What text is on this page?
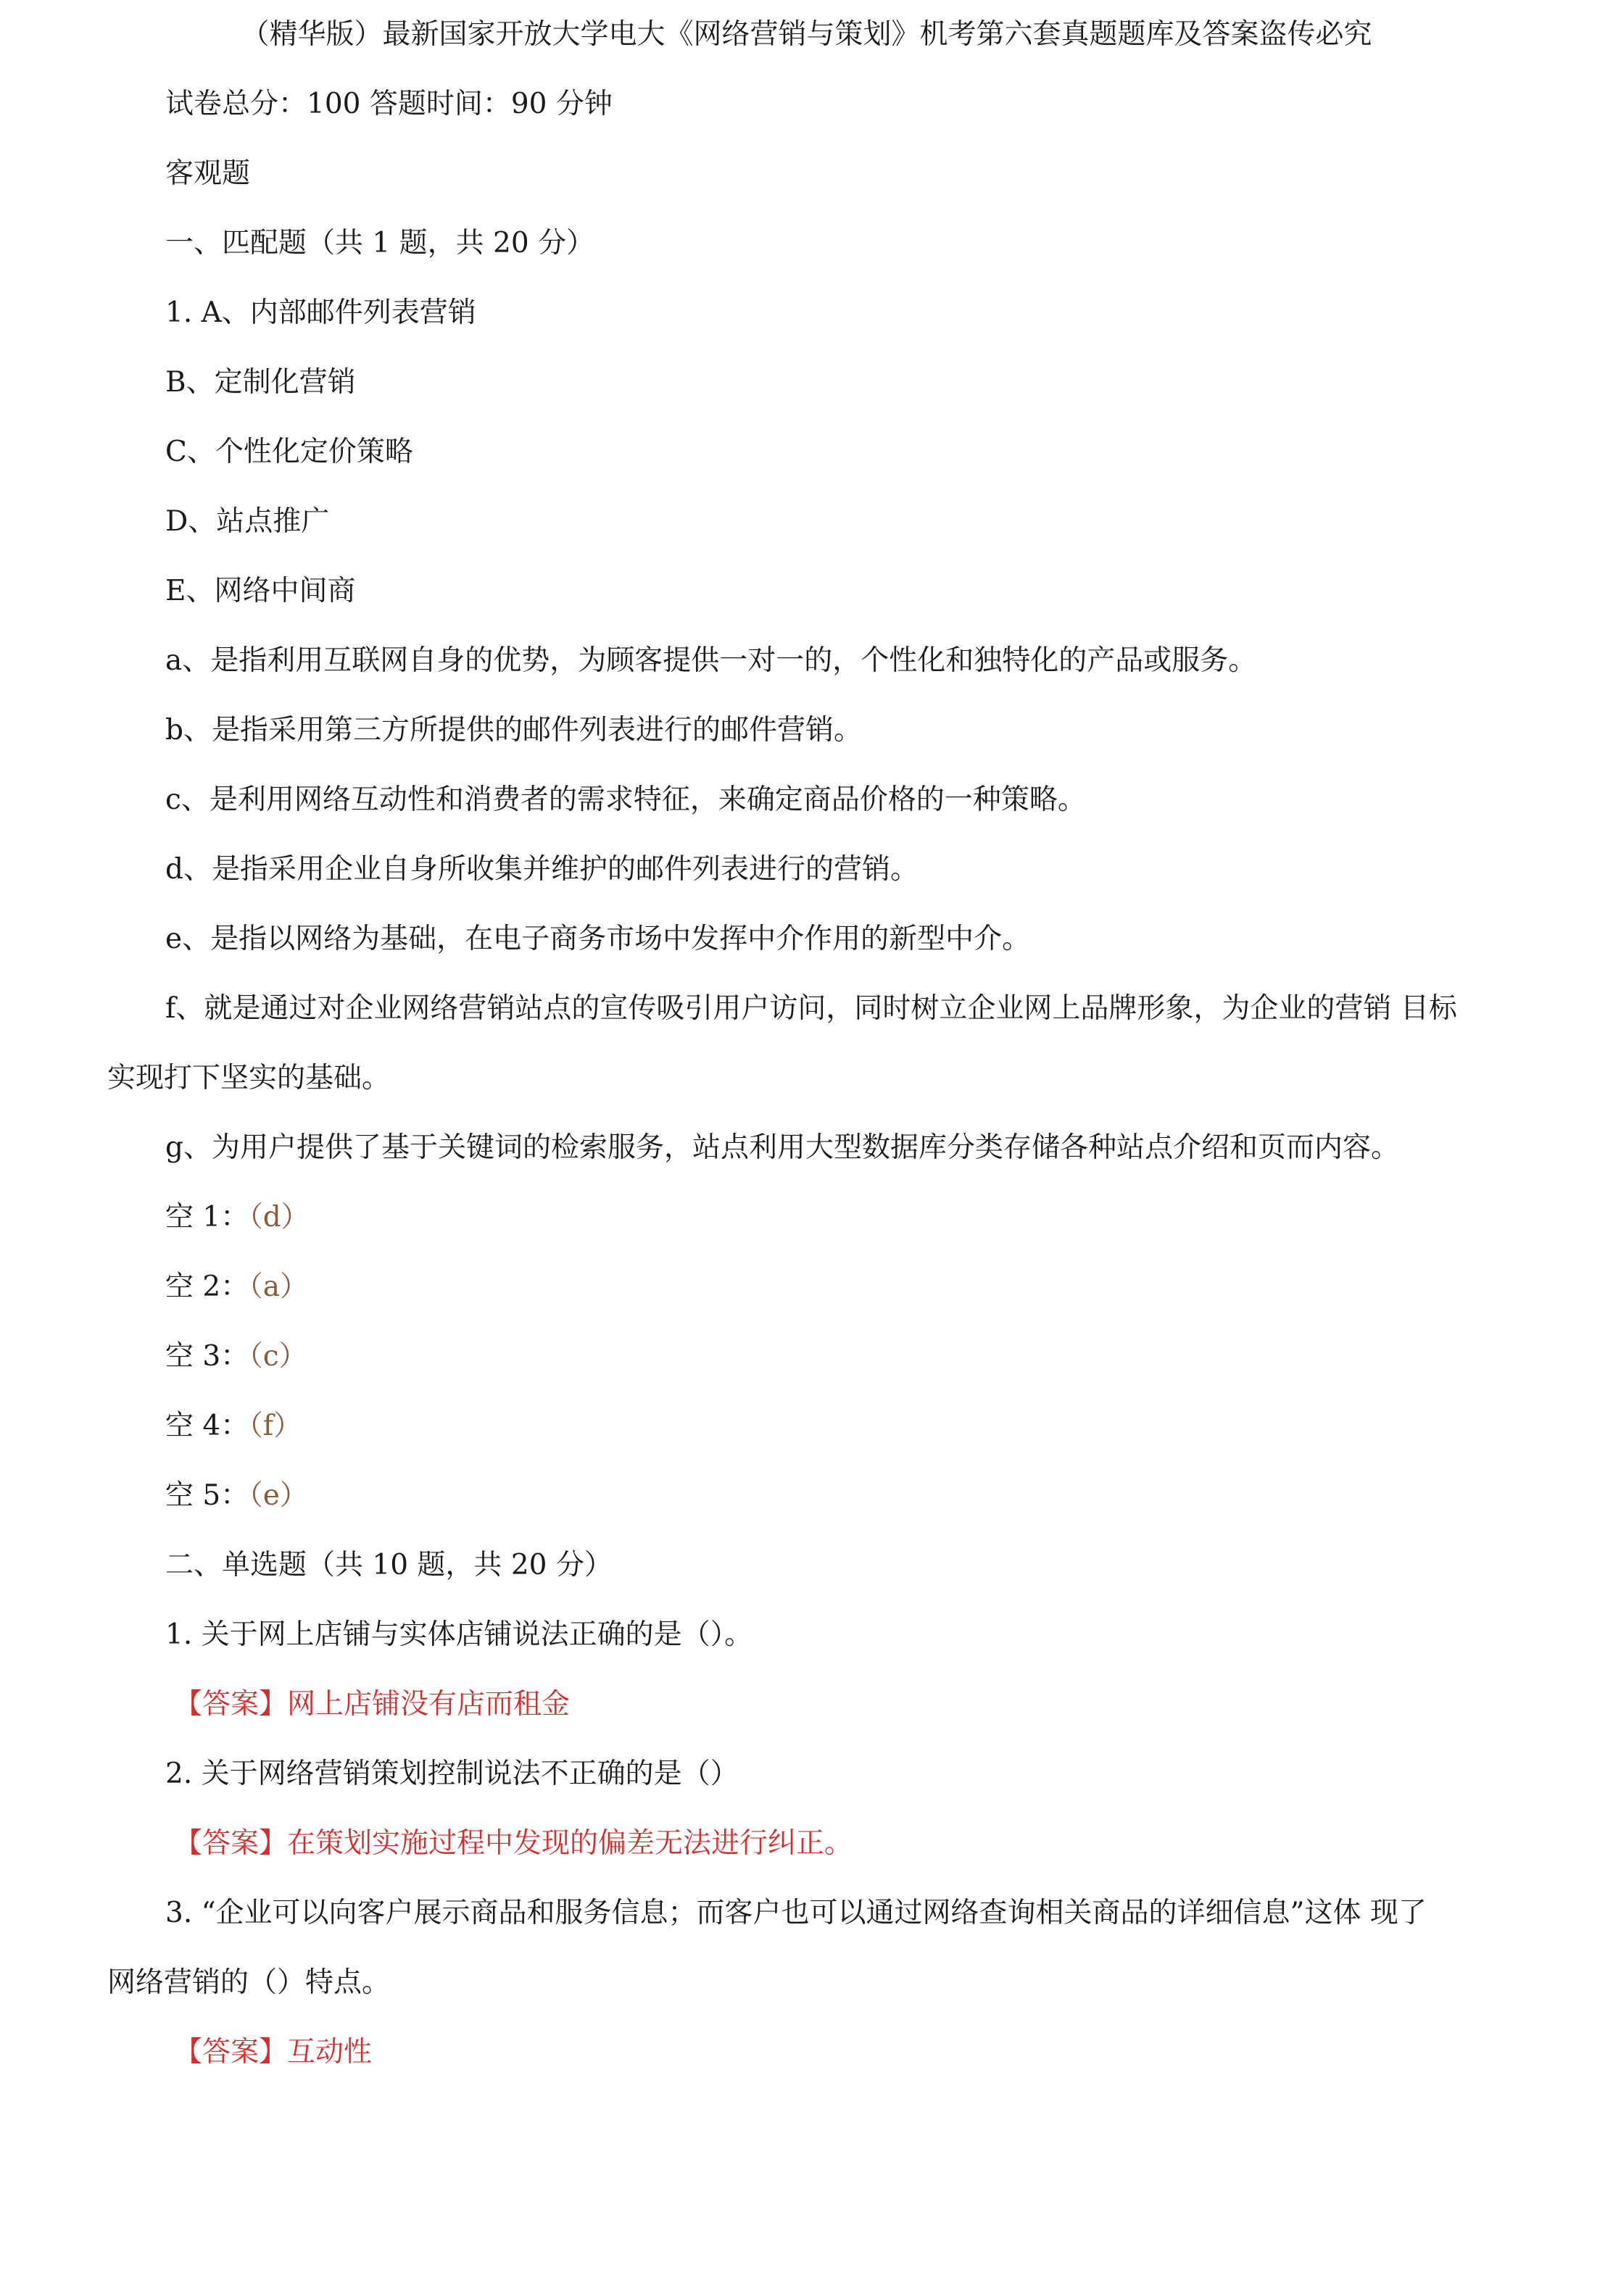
（精华版）最新国家开放大学电大《网络营销与策划》机考第六套真题题库及答案盗传必究
试卷总分：100 答题时间：90 分钟
客观题
一、匹配题（共 1 题，共 20 分）
1. A、内部邮件列表营销
B、定制化营销
C、个性化定价策略
D、站点推广
E、网络中间商
a、是指利用互联网自身的优势，为顾客提供一对一的，个性化和独特化的产品或服务。
b、是指采用第三方所提供的邮件列表进行的邮件营销。
c、是利用网络互动性和消费者的需求特征，来确定商品价格的一种策略。
d、是指采用企业自身所收集并维护的邮件列表进行的营销。
e、是指以网络为基础，在电子商务市场中发挥中介作用的新型中介。
f、就是通过对企业网络营销站点的宣传吸引用户访问，同时树立企业网上品牌形象，为企业的营销 目标
实现打下坚实的基础。
g、为用户提供了基于关键词的检索服务，站点利用大型数据库分类存储各种站点介绍和页而内容。
空 1：（d）
空 2：（a）
空 3：（c）
空 4：（f）
空 5：（e）
二、单选题（共 10 题，共 20 分）
1. 关于网上店铺与实体店铺说法正确的是（）。
【答案】网上店铺没有店而租金
2. 关于网络营销策划控制说法不正确的是（）
【答案】在策划实施过程中发现的偏差无法进行纠正。
3. “企业可以向客户展示商品和服务信息；而客户也可以通过网络查询相关商品的详细信息”这体 现了
网络营销的（）特点。
【答案】互动性
